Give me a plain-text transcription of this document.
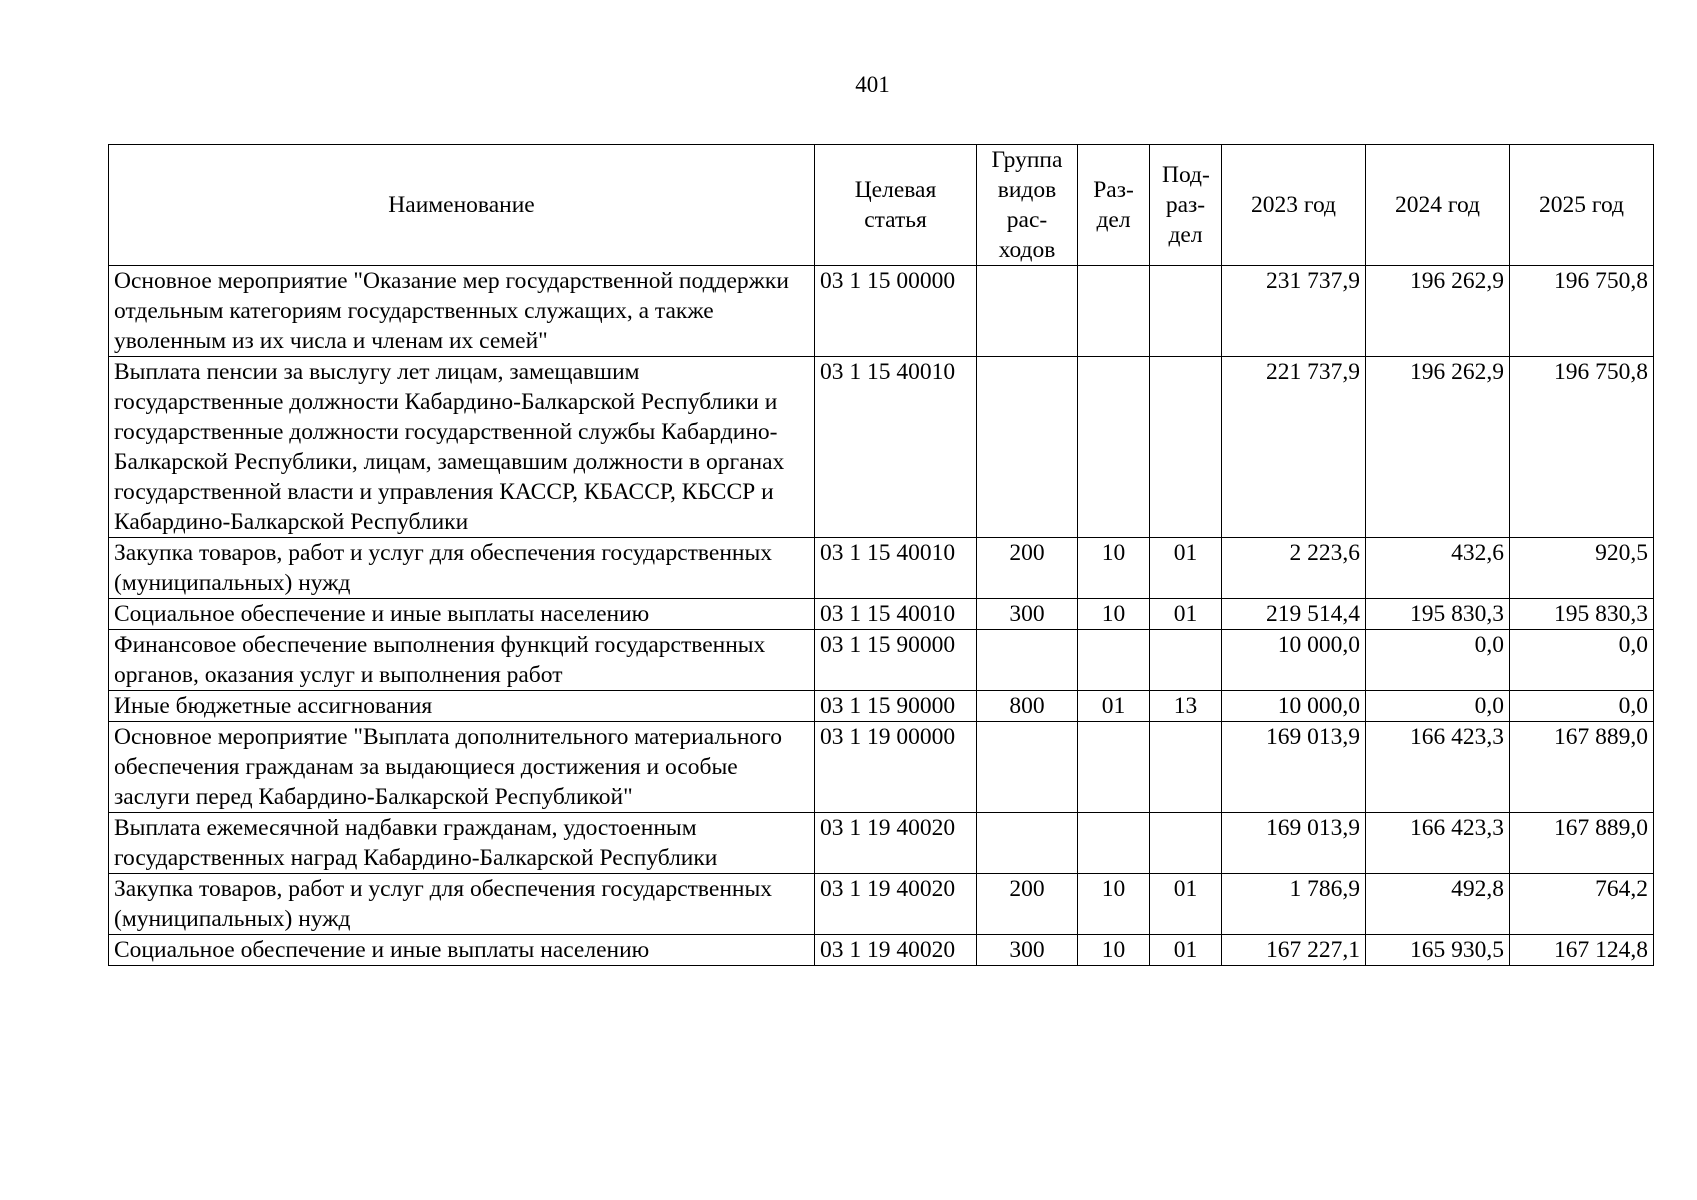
401
Наименование	Целевая статья	Группа видов рас-ходов	Раз-дел	Под-раз-дел	2023 год	2024 год	2025 год
Основное мероприятие "Оказание мер государственной поддержки отдельным категориям государственных служащих, а также уволенным из их числа и членам их семей"	03 1 15 00000				231 737,9	196 262,9	196 750,8
Выплата пенсии за выслугу лет лицам, замещавшим государственные должности Кабардино-Балкарской Республики и государственные должности государственной службы Кабардино-Балкарской Республики, лицам, замещавшим должности в органах государственной власти и управления КАССР, КБАССР, КБССР и Кабардино-Балкарской Республики	03 1 15 40010				221 737,9	196 262,9	196 750,8
Закупка товаров, работ и услуг для обеспечения государственных (муниципальных) нужд	03 1 15 40010	200	10	01	2 223,6	432,6	920,5
Социальное обеспечение и иные выплаты населению	03 1 15 40010	300	10	01	219 514,4	195 830,3	195 830,3
Финансовое обеспечение выполнения функций государственных органов, оказания услуг и выполнения работ	03 1 15 90000				10 000,0	0,0	0,0
Иные бюджетные ассигнования	03 1 15 90000	800	01	13	10 000,0	0,0	0,0
Основное мероприятие "Выплата дополнительного материального обеспечения гражданам за выдающиеся достижения и особые заслуги перед Кабардино-Балкарской Республикой"	03 1 19 00000				169 013,9	166 423,3	167 889,0
Выплата ежемесячной надбавки гражданам, удостоенным государственных наград Кабардино-Балкарской Республики	03 1 19 40020				169 013,9	166 423,3	167 889,0
Закупка товаров, работ и услуг для обеспечения государственных (муниципальных) нужд	03 1 19 40020	200	10	01	1 786,9	492,8	764,2
Социальное обеспечение и иные выплаты населению	03 1 19 40020	300	10	01	167 227,1	165 930,5	167 124,8
